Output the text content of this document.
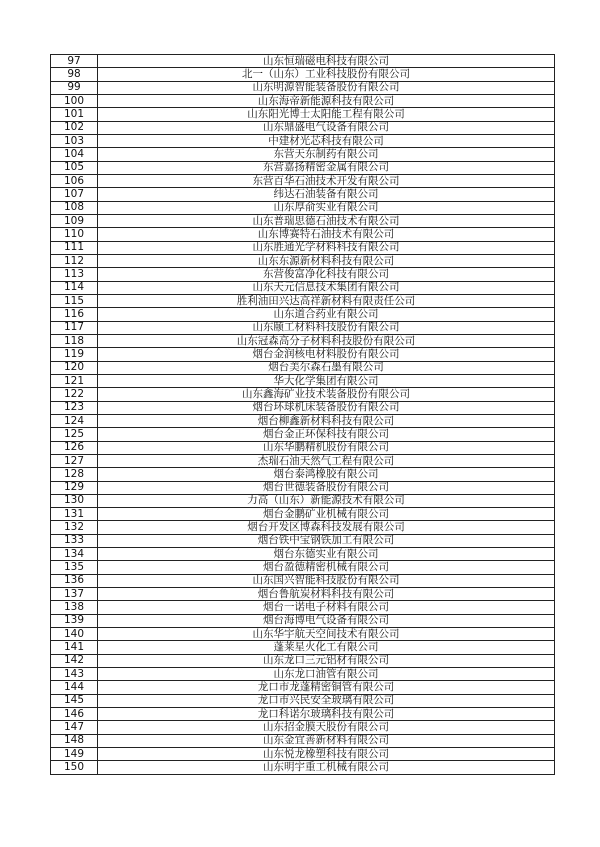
97	山东恒瑞磁电科技有限公司
98	北一（山东）工业科技股份有限公司
99	山东明源智能装备股份有限公司
100	山东海帝新能源科技有限公司
101	山东阳光博士太阳能工程有限公司
102	山东鼎盛电气设备有限公司
103	中建材光芯科技有限公司
104	东营天东制药有限公司
105	东营嘉扬精密金属有限公司
106	东营百华石油技术开发有限公司
107	纬达石油装备有限公司
108	山东厚俞实业有限公司
109	山东普瑞思德石油技术有限公司
110	山东博赛特石油技术有限公司
111	山东胜通光学材料科技有限公司
112	山东东源新材料科技有限公司
113	东营俊富净化科技有限公司
114	山东天元信息技术集团有限公司
115	胜利油田兴达高祥新材料有限责任公司
116	山东道合药业有限公司
117	山东颐工材料科技股份有限公司
118	山东冠森高分子材料科技股份有限公司
119	烟台金润核电材料股份有限公司
120	烟台美尔森石墨有限公司
121	华大化学集团有限公司
122	山东鑫海矿业技术装备股份有限公司
123	烟台环球机床装备股份有限公司
124	烟台柳鑫新材料科技有限公司
125	烟台金正环保科技有限公司
126	山东华鹏精机股份有限公司
127	杰瑞石油天然气工程有限公司
128	烟台泰鸿橡胶有限公司
129	烟台世德装备股份有限公司
130	力高（山东）新能源技术有限公司
131	烟台金鹏矿业机械有限公司
132	烟台开发区博森科技发展有限公司
133	烟台铁中宝钢铁加工有限公司
134	烟台东德实业有限公司
135	烟台盈德精密机械有限公司
136	山东国兴智能科技股份有限公司
137	烟台鲁航炭材料科技有限公司
138	烟台一诺电子材料有限公司
139	烟台海博电气设备有限公司
140	山东华宇航天空间技术有限公司
141	蓬莱星火化工有限公司
142	山东龙口三元铝材有限公司
143	山东龙口油管有限公司
144	龙口市龙蓬精密铜管有限公司
145	龙口市兴民安全玻璃有限公司
146	龙口科诺尔玻璃科技有限公司
147	山东招金膜天股份有限公司
148	山东金宜善新材料有限公司
149	山东悦龙橡塑科技有限公司
150	山东明宇重工机械有限公司
